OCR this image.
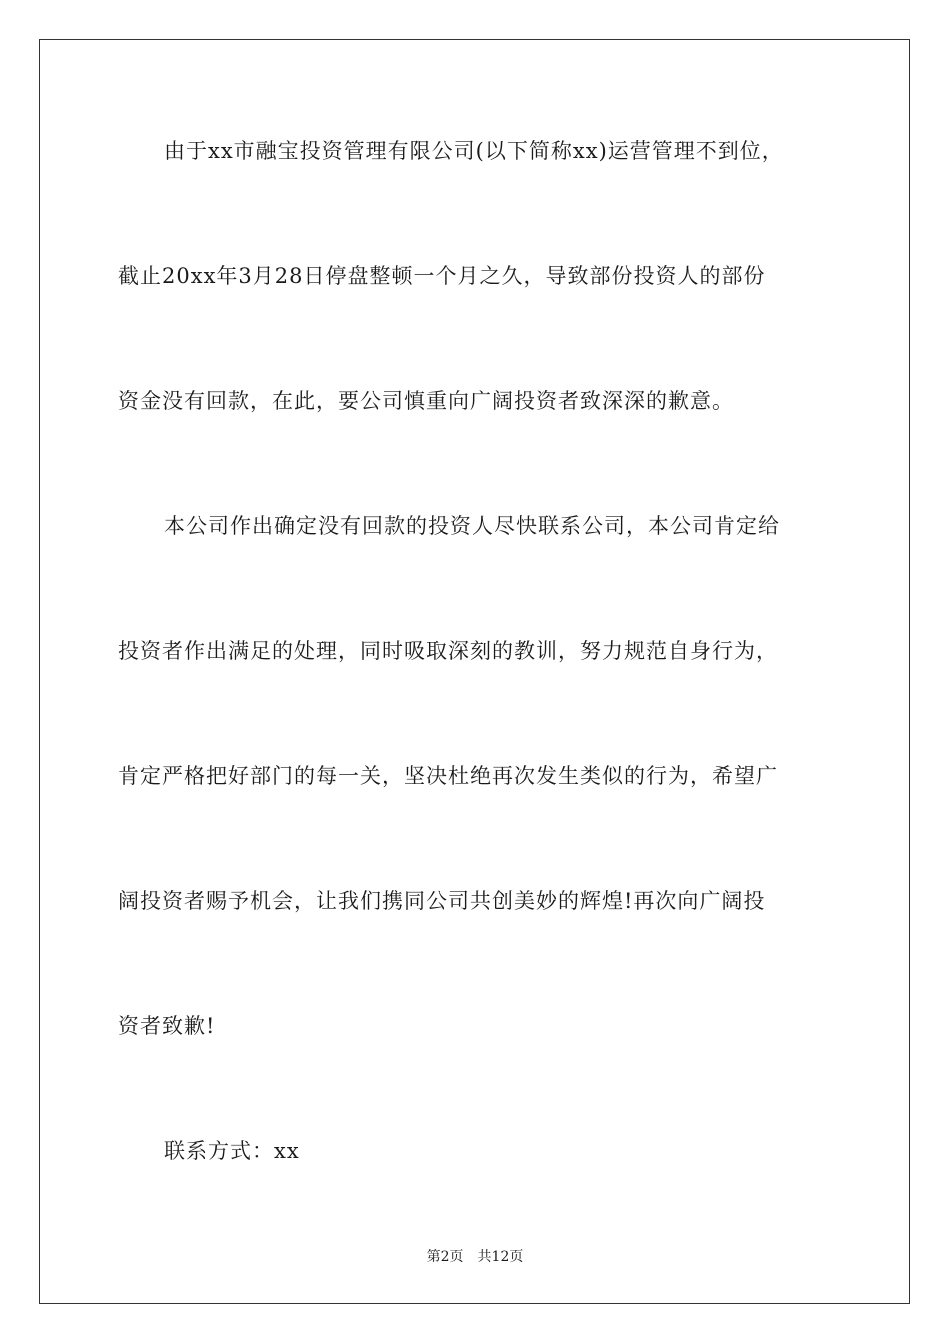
由于xx市融宝投资管理有限公司(以下简称xx)运营管理不到位，
截止20xx年3月28日停盘整顿一个月之久，导致部份投资人的部份
资金没有回款，在此，要公司慎重向广阔投资者致深深的歉意。
本公司作出确定没有回款的投资人尽快联系公司，本公司肯定给
投资者作出满足的处理，同时吸取深刻的教训，努力规范自身行为，
肯定严格把好部门的每一关，坚决杜绝再次发生类似的行为，希望广
阔投资者赐予机会，让我们携同公司共创美妙的辉煌!再次向广阔投
资者致歉!
联系方式：xx
第2页 共12页
